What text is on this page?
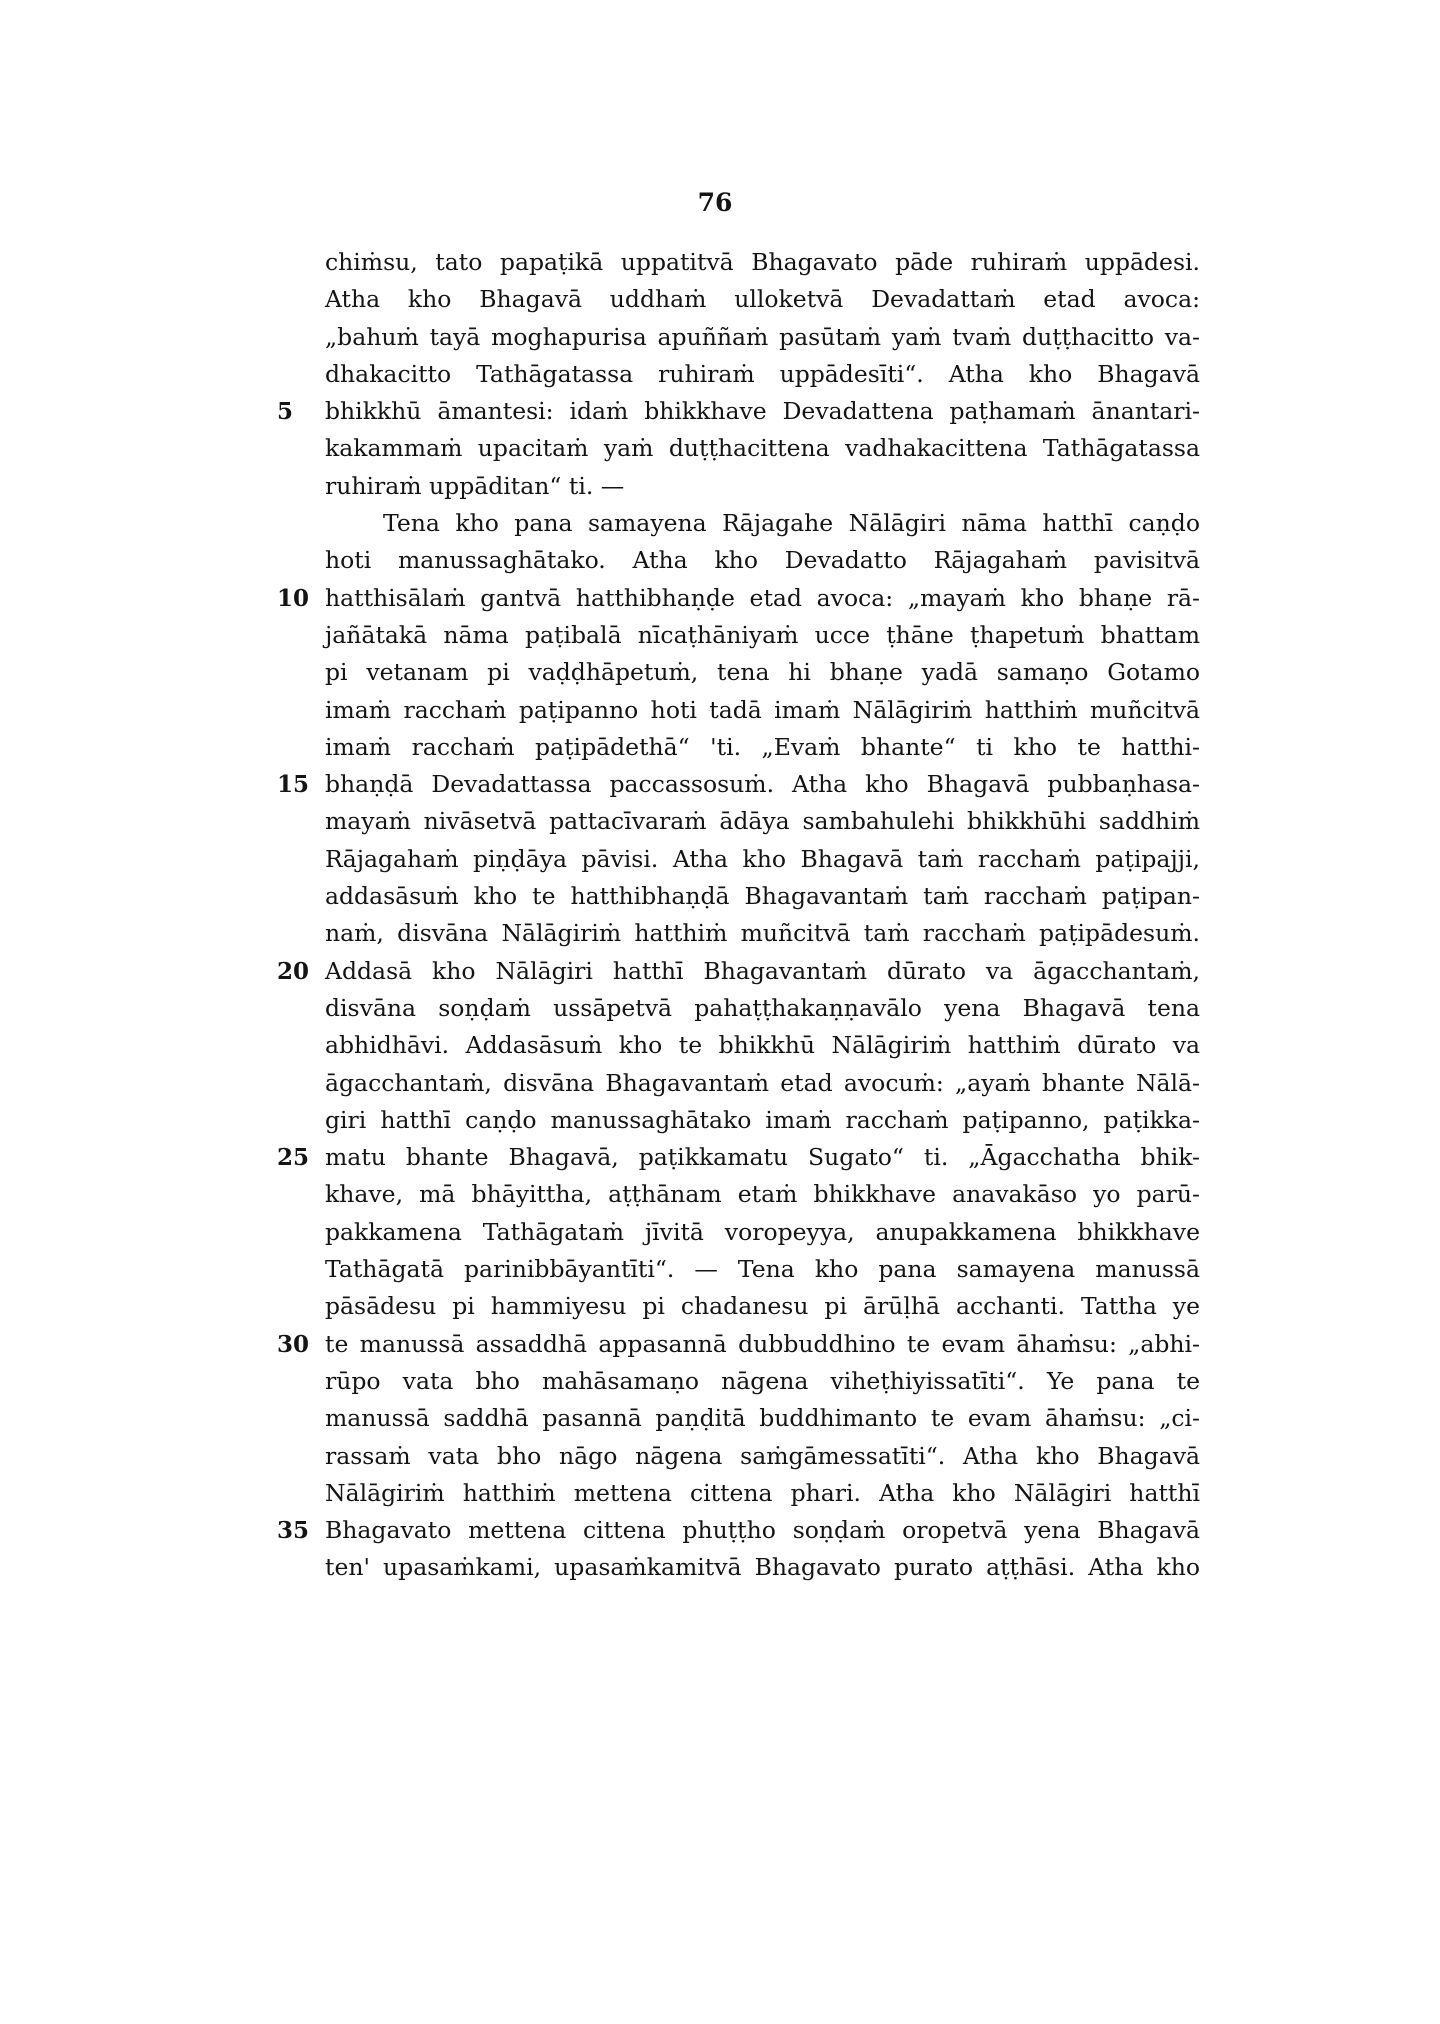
76
chiṁsu, tato papaṭikā uppatitvā Bhagavato pāde ruhiraṁ uppādesi.
Atha kho Bhagavā uddhaṁ ulloketvā Devadattaṁ etad avoca:
„bahuṁ tayā moghapurisa apuññaṁ pasūtaṁ yaṁ tvaṁ duṭṭhacitto va-
dhakacitto Tathāgatassa ruhiraṁ uppādesīti“. Atha kho Bhagavā
5	bhikkhū āmantesi: idaṁ bhikkhave Devadattena paṭhamaṁ ānantari-
kakammaṁ upacitaṁ yaṁ duṭṭhacittena vadhakacittena Tathāgatassa
ruhiraṁ uppāditan“ ti. —
Tena kho pana samayena Rājagahe Nālāgiri nāma hatthī caṇḍo
hoti manussaghātako. Atha kho Devadatto Rājagahaṁ pavisitvā
10 hatthisālaṁ gantvā hatthibhaṇḍe etad avoca: „mayaṁ kho bhaṇe rā-
jañātakā nāma paṭibalā nīcaṭhāniyaṁ ucce ṭhāne ṭhapetuṁ bhattam
pi vetanam pi vaḍḍhāpetuṁ, tena hi bhaṇe yadā samaṇo Gotamo
imaṁ racchaṁ paṭipanno hoti tadā imaṁ Nālāgiriṁ hatthiṁ muñcitvā
imaṁ racchaṁ paṭipādethā“ 'ti. „Evaṁ bhante“ ti kho te hatthi-
15 bhaṇḍā Devadattassa paccassosuṁ. Atha kho Bhagavā pubbaṇhasa-
mayaṁ nivāsetvā pattacīvaraṁ ādāya sambahulehi bhikkhūhi saddhiṁ
Rājagahaṁ piṇḍāya pāvisi. Atha kho Bhagavā taṁ racchaṁ paṭipajji,
addasāsuṁ kho te hatthibhaṇḍā Bhagavantaṁ taṁ racchaṁ paṭipan-
naṁ, disvāna Nālāgiriṁ hatthiṁ muñcitvā taṁ racchaṁ paṭipādesuṁ.
20 Addasā kho Nālāgiri hatthī Bhagavantaṁ dūrato va āgacchantaṁ,
disvāna soṇḍaṁ ussāpetvā pahaṭṭhakaṇṇavālo yena Bhagavā tena
abhidhāvi. Addasāsuṁ kho te bhikkhū Nālāgiriṁ hatthiṁ dūrato va
āgacchantaṁ, disvāna Bhagavantaṁ etad avocuṁ: „ayaṁ bhante Nālā-
giri hatthī caṇḍo manussaghātako imaṁ racchaṁ paṭipanno, paṭikka-
25 matu bhante Bhagavā, paṭikkamatu Sugato“ ti. „Āgacchatha bhik-
khave, mā bhāyittha, aṭṭhānam etaṁ bhikkhave anavakāso yo parū-
pakkamena Tathāgataṁ jīvitā voropeyya, anupakkamena bhikkhave
Tathāgatā parinibbāyantīti“. — Tena kho pana samayena manussā
pāsādesu pi hammiyesu pi chadanesu pi ārūḷhā acchanti. Tattha ye
30 te manussā assaddhā appasannā dubbuddhino te evam āhaṁsu: „abhi-
rūpo vata bho mahāsamaṇo nāgena viheṭhiyissatīti“. Ye pana te
manussā saddhā pasannā paṇḍitā buddhimanto te evam āhaṁsu: „ci-
rassaṁ vata bho nāgo nāgena saṁgāmessatīti“. Atha kho Bhagavā
Nālāgiriṁ hatthiṁ mettena cittena phari. Atha kho Nālāgiri hatthī
35 Bhagavato mettena cittena phuṭṭho soṇḍaṁ oropetvā yena Bhagavā
ten' upasaṁkami, upasaṁkamitvā Bhagavato purato aṭṭhāsi. Atha kho
